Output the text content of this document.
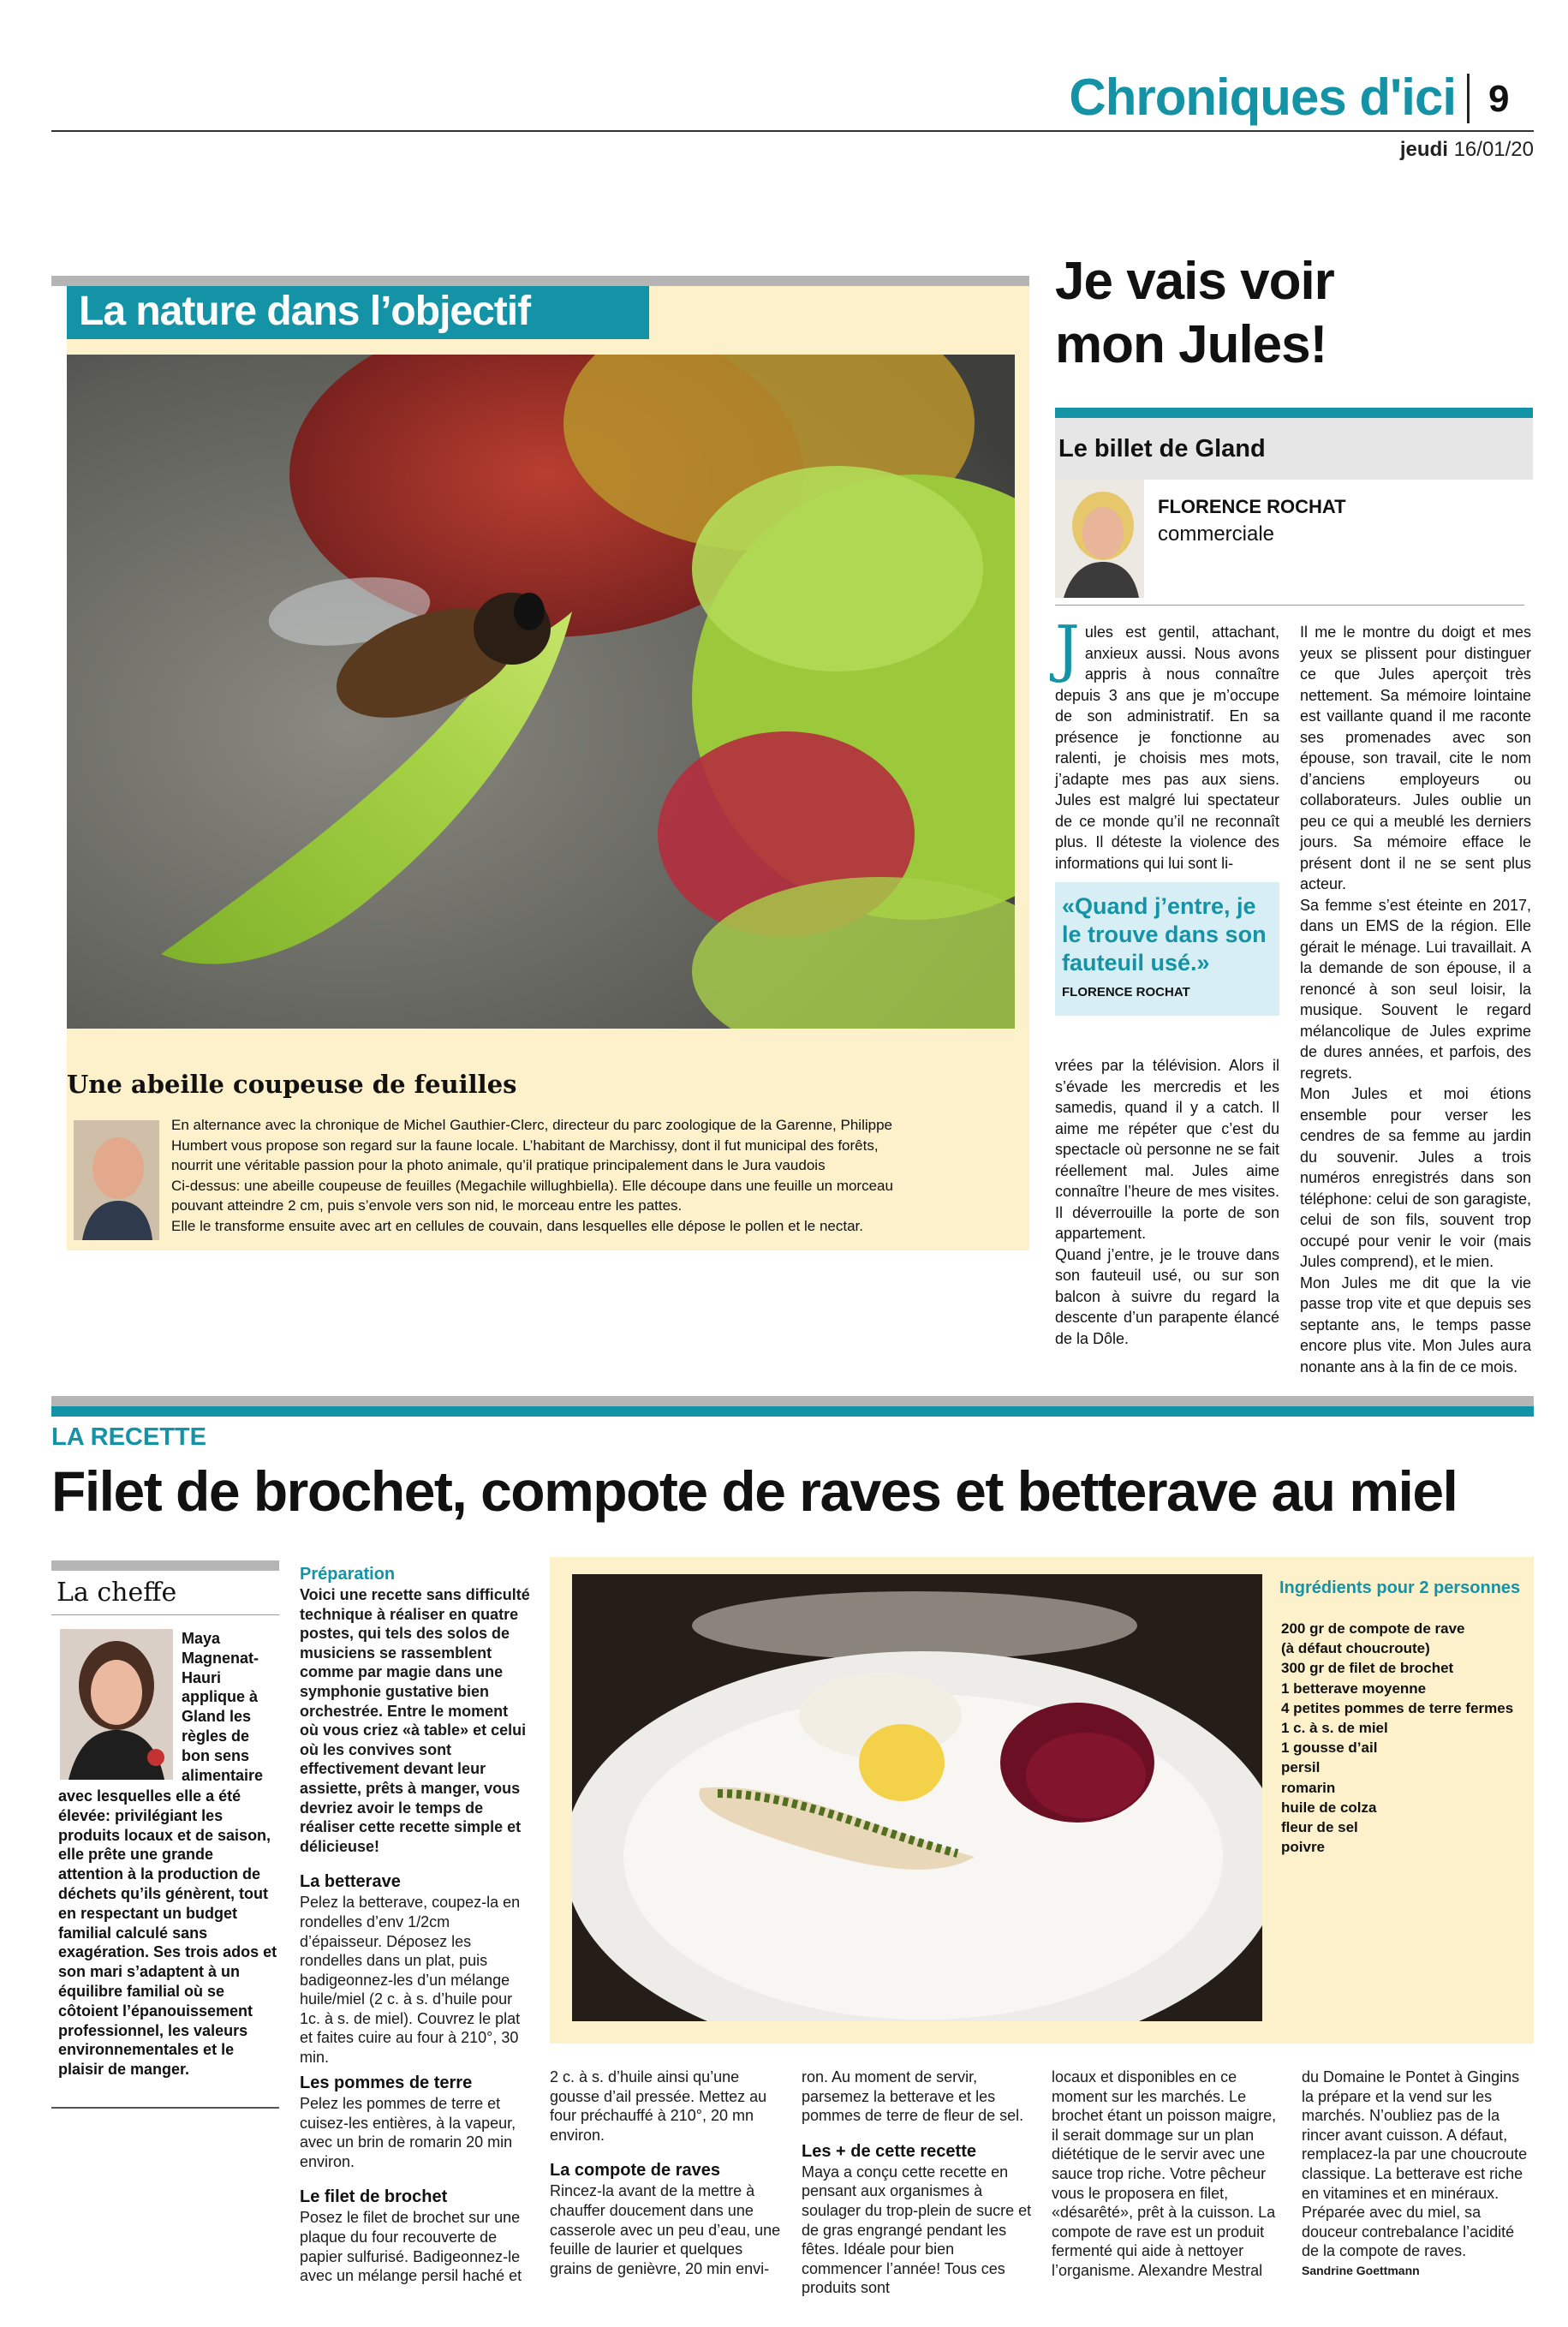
Chroniques d'ici 9
jeudi 16/01/20
La nature dans l’objectif
Une abeille coupeuse de feuilles
En alternance avec la chronique de Michel Gauthier-Clerc, directeur du parc zoologique de la Garenne, Philippe
Humbert vous propose son regard sur la faune locale. L’habitant de Marchissy, dont il fut municipal des forêts,
nourrit une véritable passion pour la photo animale, qu’il pratique principalement dans le Jura vaudois
Ci-dessus: une abeille coupeuse de feuilles (Megachile willughbiella). Elle découpe dans une feuille un morceau
pouvant atteindre 2 cm, puis s’envole vers son nid, le morceau entre les pattes.
Elle le transforme ensuite avec art en cellules de couvain, dans lesquelles elle dépose le pollen et le nectar.
Je vais voir
mon Jules!
Le billet de Gland
FLORENCE ROCHAT
commerciale
Jules est gentil, attachant, anxieux aussi. Nous avons appris à nous connaître depuis 3 ans que je m’occupe de son administratif. En sa présence je fonctionne au ralenti, je choisis mes mots, j’adapte mes pas aux siens. Jules est malgré lui spectateur de ce monde qu’il ne reconnaît plus. Il déteste la violence des informations qui lui sont li-
«Quand j’entre, je le trouve dans son fauteuil usé.»
FLORENCE ROCHAT

vrées par la télévision. Alors il s’évade les mercredis et les samedis, quand il y a catch. Il aime me répéter que c’est du spectacle où personne ne se fait réellement mal. Jules aime connaître l’heure de mes visites. Il déverrouille la porte de son appartement.

Quand j’entre, je le trouve dans son fauteuil usé, ou sur son balcon à suivre du regard la descente d’un parapente élancé de la Dôle.

Il me le montre du doigt et mes yeux se plissent pour distinguer ce que Jules aperçoit très nettement. Sa mémoire lointaine est vaillante quand il me raconte ses promenades avec son épouse, son travail, cite le nom d’anciens employeurs ou collaborateurs. Jules oublie un peu ce qui a meublé les derniers jours. Sa mémoire efface le présent dont il ne se sent plus acteur.

Sa femme s’est éteinte en 2017, dans un EMS de la région. Elle gérait le ménage. Lui travaillait. A la demande de son épouse, il a renoncé à son seul loisir, la musique. Souvent le regard mélancolique de Jules exprime de dures années, et parfois, des regrets.

Mon Jules et moi étions ensemble pour verser les cendres de sa femme au jardin du souvenir. Jules a trois numéros enregistrés dans son téléphone: celui de son garagiste, celui de son fils, souvent trop occupé pour venir le voir (mais Jules comprend), et le mien.

Mon Jules me dit que la vie passe trop vite et que depuis ses septante ans, le temps passe encore plus vite. Mon Jules aura nonante ans à la fin de ce mois.

LA RECETTE
Filet de brochet, compote de raves et betterave au miel
La cheffe
Maya Magnenat-Hauri applique à Gland les règles de bon sens alimentaire
avec lesquelles elle a été élevée: privilégiant les produits locaux et de saison, elle prête une grande attention à la production de déchets qu’ils génèrent, tout en respectant un budget familial calculé sans exagération. Ses trois ados et son mari s’adaptent à un équilibre familial où se côtoient l’épanouissement professionnel, les valeurs environnementales et le plaisir de manger.
Préparation

Voici une recette sans difficulté technique à réaliser en quatre postes, qui tels des solos de musiciens se rassemblent comme par magie dans une symphonie gustative bien orchestrée. Entre le moment où vous criez «à table» et celui où les convives sont effectivement devant leur assiette, prêts à manger, vous devriez avoir le temps de réaliser cette recette simple et délicieuse!

La betterave

Pelez la betterave, coupez-la en rondelles d’env 1/2cm d’épaisseur. Déposez les rondelles dans un plat, puis badigeonnez-les d’un mélange huile/miel (2 c. à s. d’huile pour 1c. à s. de miel). Couvrez le plat et faites cuire au four à 210°, 30 min.

Ingrédients pour 2 personnes
200 gr de compote de rave
(à défaut choucroute)
300 gr de filet de brochet
1 betterave moyenne
4 petites pommes de terre fermes
1 c. à s. de miel
1 gousse d’ail
persil
romarin
huile de colza
fleur de sel
poivre
Les pommes de terre

Pelez les pommes de terre et cuisez-les entières, à la vapeur, avec un brin de romarin 20 min environ.

Le filet de brochet

Posez le filet de brochet sur une plaque du four recouverte de papier sulfurisé. Badigeonnez-le avec un mélange persil haché et

2 c. à s. d’huile ainsi qu’une gousse d’ail pressée. Mettez au four préchauffé à 210°, 20 mn environ.

La compote de raves

Rincez-la avant de la mettre à chauffer doucement dans une casserole avec un peu d’eau, une feuille de laurier et quelques grains de genièvre, 20 min envi-

ron. Au moment de servir, parsemez la betterave et les pommes de terre de fleur de sel.

Les + de cette recette

Maya a conçu cette recette en pensant aux organismes à soulager du trop-plein de sucre et de gras engrangé pendant les fêtes. Idéale pour bien commencer l’année! Tous ces produits sont

locaux et disponibles en ce moment sur les marchés. Le brochet étant un poisson maigre, il serait dommage sur un plan diététique de le servir avec une sauce trop riche. Votre pêcheur vous le proposera en filet, «désarêté», prêt à la cuisson. La compote de rave est un produit fermenté qui aide à nettoyer l’organisme. Alexandre Mestral

du Domaine le Pontet à Gingins la prépare et la vend sur les marchés. N’oubliez pas de la rincer avant cuisson. A défaut, remplacez-la par une choucroute classique. La betterave est riche en vitamines et en minéraux. Préparée avec du miel, sa douceur contrebalance l’acidité de la compote de raves.

Sandrine Goettmann
